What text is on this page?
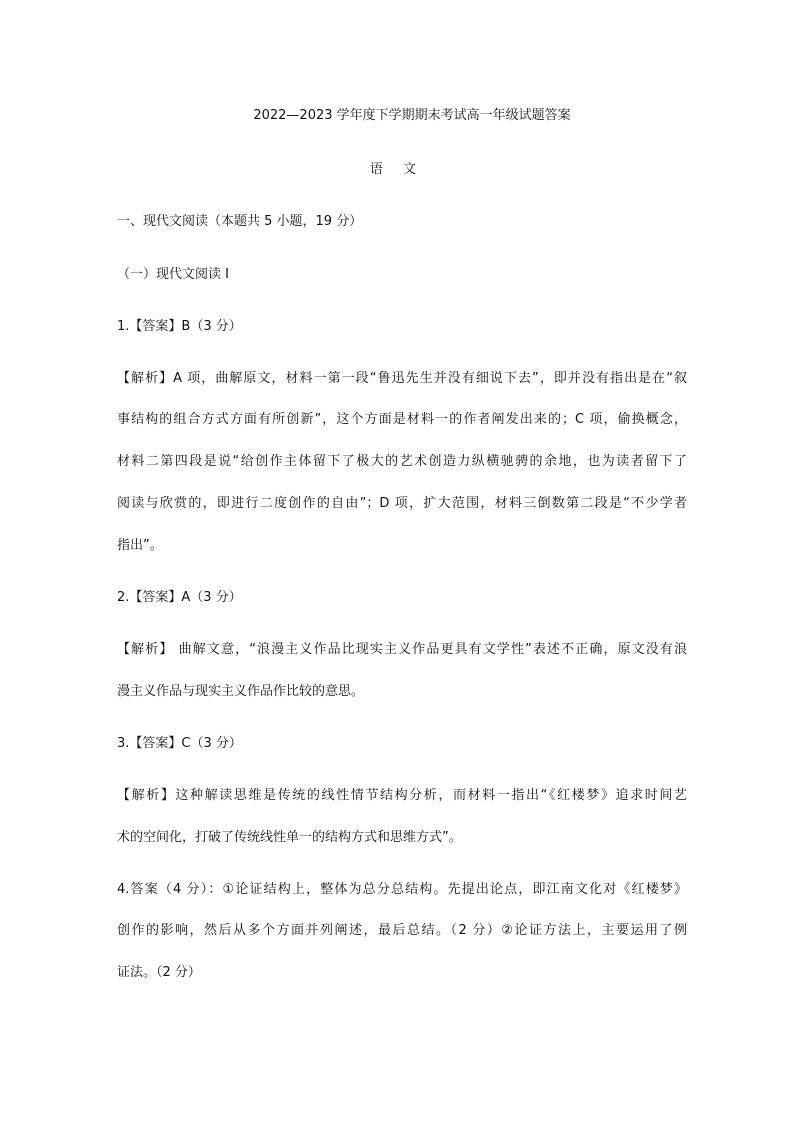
2022—2023 学年度下学期期末考试高一年级试题答案
语 文
一、现代文阅读（本题共 5 小题，19 分）
（一）现代文阅读 I
1.【答案】B（3 分）
【解析】A 项，曲解原文，材料一第一段“鲁迅先生并没有细说下去”，即并没有指出是在“叙
事结构的组合方式方面有所创新”，这个方面是材料一的作者阐发出来的；C 项，偷换概念，
材料二第四段是说“给创作主体留下了极大的艺术创造力纵横驰骋的余地，也为读者留下了
阅读与欣赏的，即进行二度创作的自由”；D 项，扩大范围，材料三倒数第二段是“不少学者
指出”。
2.【答案】A（3 分）
【解析】 曲解文意，“浪漫主义作品比现实主义作品更具有文学性”表述不正确，原文没有浪
漫主义作品与现实主义作品作比较的意思。
3.【答案】C（3 分）
【解析】这种解读思维是传统的线性情节结构分析，而材料一指出“《红楼梦》追求时间艺
术的空间化，打破了传统线性单一的结构方式和思维方式”。
4.答案（4 分）：①论证结构上，整体为总分总结构。先提出论点，即江南文化对《红楼梦》
创作的影响，然后从多个方面并列阐述，最后总结。（2 分）②论证方法上，主要运用了例
证法。（2 分）
